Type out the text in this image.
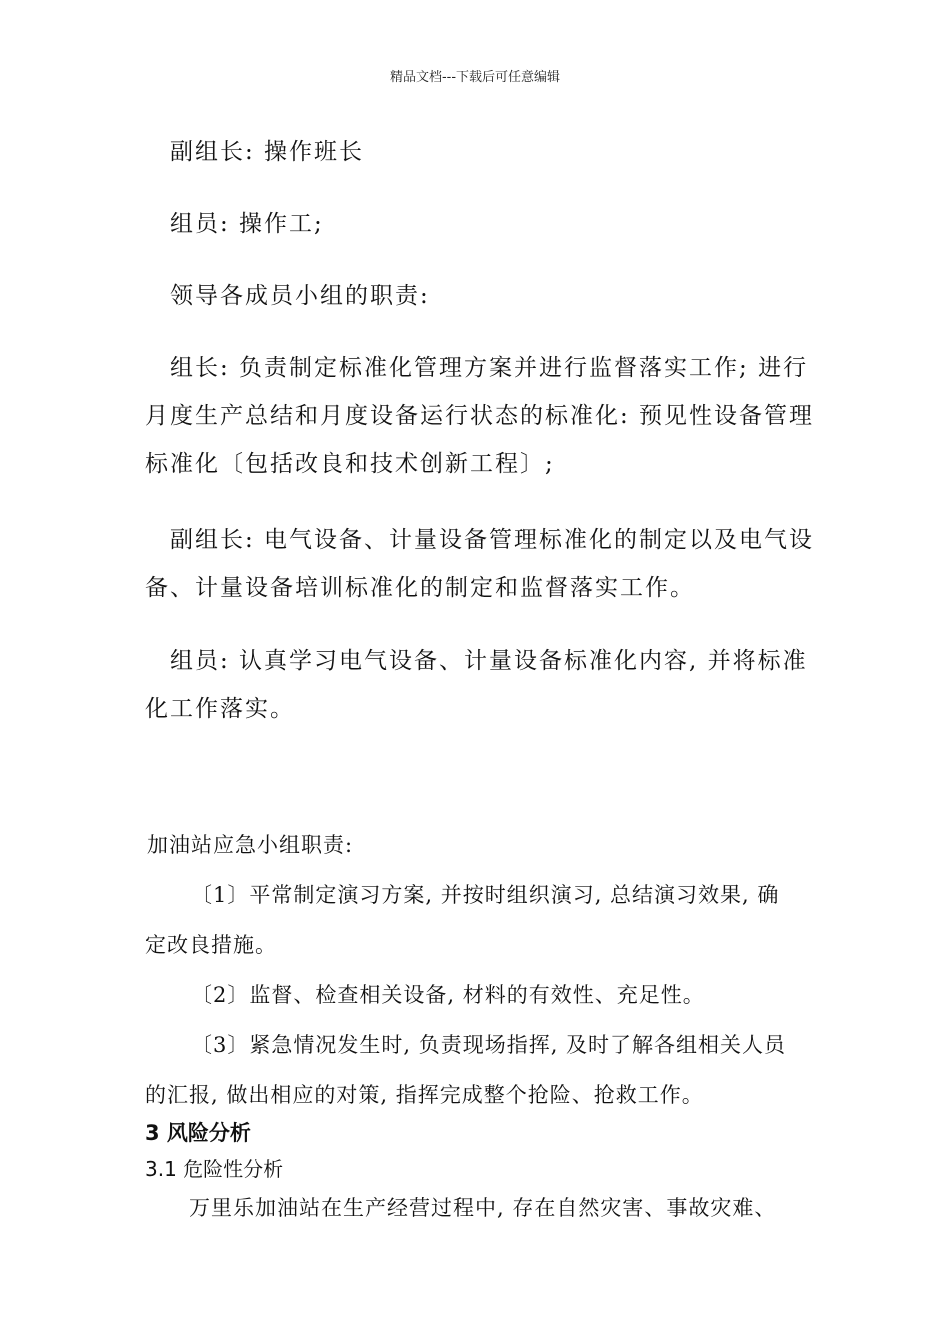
精品文档---下载后可任意编辑

副组长: 操作班长

组员: 操作工;

领导各成员小组的职责:

组长: 负责制定标准化管理方案并进行监督落实工作; 进行
月度生产总结和月度设备运行状态的标准化: 预见性设备管理
标准化〔包括改良和技术创新工程〕;

副组长: 电气设备、计量设备管理标准化的制定以及电气设
备、计量设备培训标准化的制定和监督落实工作。

组员: 认真学习电气设备、计量设备标准化内容, 并将标准
化工作落实。

加油站应急小组职责:

〔1〕平常制定演习方案, 并按时组织演习, 总结演习效果, 确
定改良措施。

〔2〕监督、检查相关设备, 材料的有效性、充足性。

〔3〕紧急情况发生时, 负责现场指挥, 及时了解各组相关人员
的汇报, 做出相应的对策, 指挥完成整个抢险、抢救工作。

3 风险分析
3.1 危险性分析
万里乐加油站在生产经营过程中, 存在自然灾害、事故灾难、
